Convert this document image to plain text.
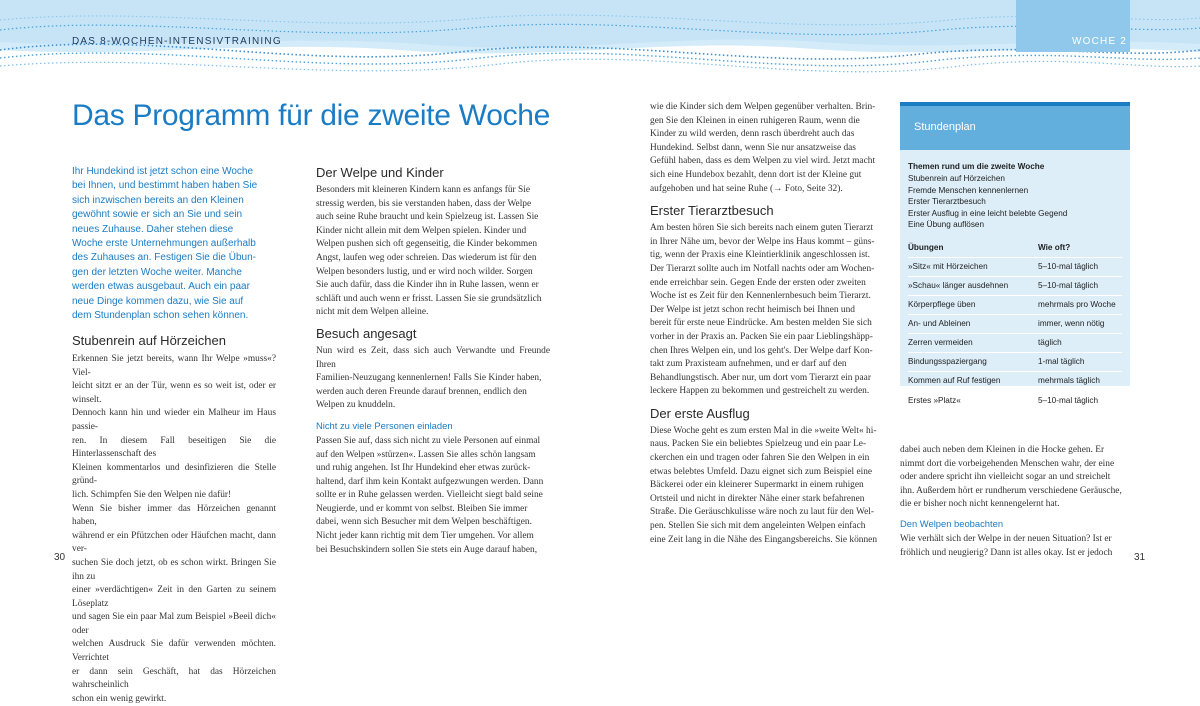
DAS 8-WOCHEN-INTENSIVTRAINING	WOCHE 2
Das Programm für die zweite Woche
Ihr Hundekind ist jetzt schon eine Woche
bei Ihnen, und bestimmt haben haben Sie
sich inzwischen bereits an den Kleinen
gewöhnt sowie er sich an Sie und sein
neues Zuhause. Daher stehen diese
Woche erste Unternehmungen außerhalb
des Zuhauses an. Festigen Sie die Übun-
gen der letzten Woche weiter. Manche
werden etwas ausgebaut. Auch ein paar
neue Dinge kommen dazu, wie Sie auf
dem Stundenplan schon sehen können.
Stubenrein auf Hörzeichen

Erkennen Sie jetzt bereits, wann Ihr Welpe »muss«? Viel-

leicht sitzt er an der Tür, wenn es so weit ist, oder er winselt.

Dennoch kann hin und wieder ein Malheur im Haus passie-

ren. In diesem Fall beseitigen Sie die Hinterlassenschaft des

Kleinen kommentarlos und desinfizieren die Stelle gründ-

lich. Schimpfen Sie den Welpen nie dafür!

Wenn Sie bisher immer das Hörzeichen genannt haben,

während er ein Pfützchen oder Häufchen macht, dann ver-

suchen Sie doch jetzt, ob es schon wirkt. Bringen Sie ihn zu

einer »verdächtigen« Zeit in den Garten zu seinem Löseplatz

und sagen Sie ein paar Mal zum Beispiel »Beeil dich« oder

welchen Ausdruck Sie dafür verwenden möchten. Verrichtet

er dann sein Geschäft, hat das Hörzeichen wahrscheinlich

schon ein wenig gewirkt.

Der Welpe und Kinder

Besonders mit kleineren Kindern kann es anfangs für Sie

stressig werden, bis sie verstanden haben, dass der Welpe

auch seine Ruhe braucht und kein Spielzeug ist. Lassen Sie

Kinder nicht allein mit dem Welpen spielen. Kinder und

Welpen pushen sich oft gegenseitig, die Kinder bekommen

Angst, laufen weg oder schreien. Das wiederum ist für den

Welpen besonders lustig, und er wird noch wilder. Sorgen

Sie auch dafür, dass die Kinder ihn in Ruhe lassen, wenn er

schläft und auch wenn er frisst. Lassen Sie sie grundsätzlich

nicht mit dem Welpen alleine.

Besuch angesagt

Nun wird es Zeit, dass sich auch Verwandte und Freunde Ihren

Familien-Neuzugang kennenlernen! Falls Sie Kinder haben,

werden auch deren Freunde darauf brennen, endlich den

Welpen zu knuddeln.

Nicht zu viele Personen einladen

Passen Sie auf, dass sich nicht zu viele Personen auf einmal

auf den Welpen »stürzen«. Lassen Sie alles schön langsam

und ruhig angehen. Ist Ihr Hundekind eher etwas zurück-

haltend, darf ihm kein Kontakt aufgezwungen werden. Dann

sollte er in Ruhe gelassen werden. Vielleicht siegt bald seine

Neugierde, und er kommt von selbst. Bleiben Sie immer

dabei, wenn sich Besucher mit dem Welpen beschäftigen.

Nicht jeder kann richtig mit dem Tier umgehen. Vor allem

bei Besuchskindern sollen Sie stets ein Auge darauf haben,

wie die Kinder sich dem Welpen gegenüber verhalten. Brin-

gen Sie den Kleinen in einen ruhigeren Raum, wenn die

Kinder zu wild werden, denn rasch überdreht auch das

Hundekind. Selbst dann, wenn Sie nur ansatzweise das

Gefühl haben, dass es dem Welpen zu viel wird. Jetzt macht

sich eine Hundebox bezahlt, denn dort ist der Kleine gut

aufgehoben und hat seine Ruhe (→ Foto, Seite 32).

Erster Tierarztbesuch

Am besten hören Sie sich bereits nach einem guten Tierarzt

in Ihrer Nähe um, bevor der Welpe ins Haus kommt – güns-

tig, wenn der Praxis eine Kleintierklinik angeschlossen ist.

Der Tierarzt sollte auch im Notfall nachts oder am Wochen-

ende erreichbar sein. Gegen Ende der ersten oder zweiten

Woche ist es Zeit für den Kennenlernbesuch beim Tierarzt.

Der Welpe ist jetzt schon recht heimisch bei Ihnen und

bereit für erste neue Eindrücke. Am besten melden Sie sich

vorher in der Praxis an. Packen Sie ein paar Lieblingshäpp-

chen Ihres Welpen ein, und los geht's. Der Welpe darf Kon-

takt zum Praxisteam aufnehmen, und er darf auf den

Behandlungstisch. Aber nur, um dort vom Tierarzt ein paar

leckere Happen zu bekommen und gestreichelt zu werden.

Der erste Ausflug

Diese Woche geht es zum ersten Mal in die »weite Welt« hi-

naus. Packen Sie ein beliebtes Spielzeug und ein paar Le-

ckerchen ein und tragen oder fahren Sie den Welpen in ein

etwas belebtes Umfeld. Dazu eignet sich zum Beispiel eine

Bäckerei oder ein kleinerer Supermarkt in einem ruhigen

Ortsteil und nicht in direkter Nähe einer stark befahrenen

Straße. Die Geräuschkulisse wäre noch zu laut für den Wel-

pen. Stellen Sie sich mit dem angeleinten Welpen einfach

eine Zeit lang in die Nähe des Eingangsbereichs. Sie können

Stundenplan
Themen rund um die zweite Woche
Stubenrein auf Hörzeichen
Fremde Menschen kennenlernen
Erster Tierarztbesuch
Erster Ausflug in eine leicht belebte Gegend
Eine Übung auflösen
Übungen	Wie oft?
»Sitz« mit Hörzeichen	5–10-mal täglich
»Schau« länger ausdehnen	5–10-mal täglich
Körperpflege üben	mehrmals pro Woche
An- und Ableinen	immer, wenn nötig
Zerren vermeiden	täglich
Bindungsspaziergang	1-mal täglich
Kommen auf Ruf festigen	mehrmals täglich
Erstes »Platz«	5–10-mal täglich

dabei auch neben dem Kleinen in die Hocke gehen. Er

nimmt dort die vorbeigehenden Menschen wahr, der eine

oder andere spricht ihn vielleicht sogar an und streichelt

ihn. Außerdem hört er rundherum verschiedene Geräusche,

die er bisher noch nicht kennengelernt hat.

Den Welpen beobachten

Wie verhält sich der Welpe in der neuen Situation? Ist er

fröhlich und neugierig? Dann ist alles okay. Ist er jedoch

30	31
